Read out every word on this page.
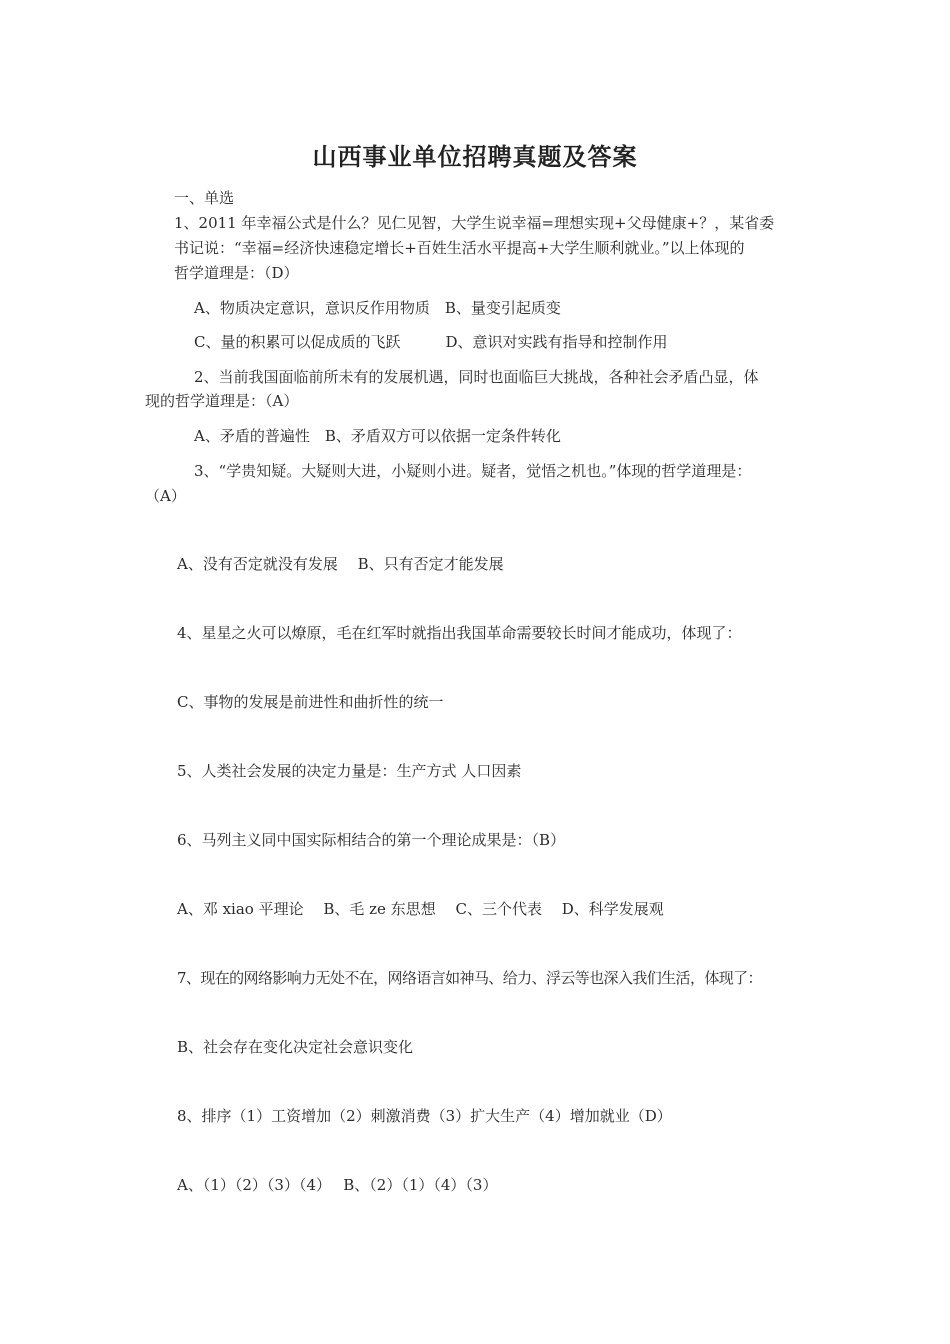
山西事业单位招聘真题及答案
一、单选
1、2011 年幸福公式是什么？见仁见智，大学生说幸福=理想实现+父母健康+？，某省委
书记说：“幸福=经济快速稳定增长+百姓生活水平提高+大学生顺利就业。”以上体现的
哲学道理是：（D）
A、物质决定意识，意识反作用物质　B、量变引起质变
C、量的积累可以促成质的飞跃　　　D、意识对实践有指导和控制作用
2、当前我国面临前所未有的发展机遇，同时也面临巨大挑战，各种社会矛盾凸显，体
现的哲学道理是：（A）
A、矛盾的普遍性　B、矛盾双方可以依据一定条件转化
3、“学贵知疑。大疑则大进，小疑则小进。疑者，觉悟之机也。”体现的哲学道理是：
（A）
A、没有否定就没有发展　 B、只有否定才能发展
4、星星之火可以燎原，毛在红军时就指出我国革命需要较长时间才能成功，体现了：
C、事物的发展是前进性和曲折性的统一
5、人类社会发展的决定力量是：生产方式 人口因素
6、马列主义同中国实际相结合的第一个理论成果是：（B）
A、邓 xiao 平理论　 B、毛 ze 东思想　 C、三个代表　 D、科学发展观
7、现在的网络影响力无处不在，网络语言如神马、给力、浮云等也深入我们生活，体现了：
B、社会存在变化决定社会意识变化
8、排序（1）工资增加（2）刺激消费（3）扩大生产（4）增加就业（D）
A、（1）（2）（3）（4）　 B、（2）（1）（4）（3）
